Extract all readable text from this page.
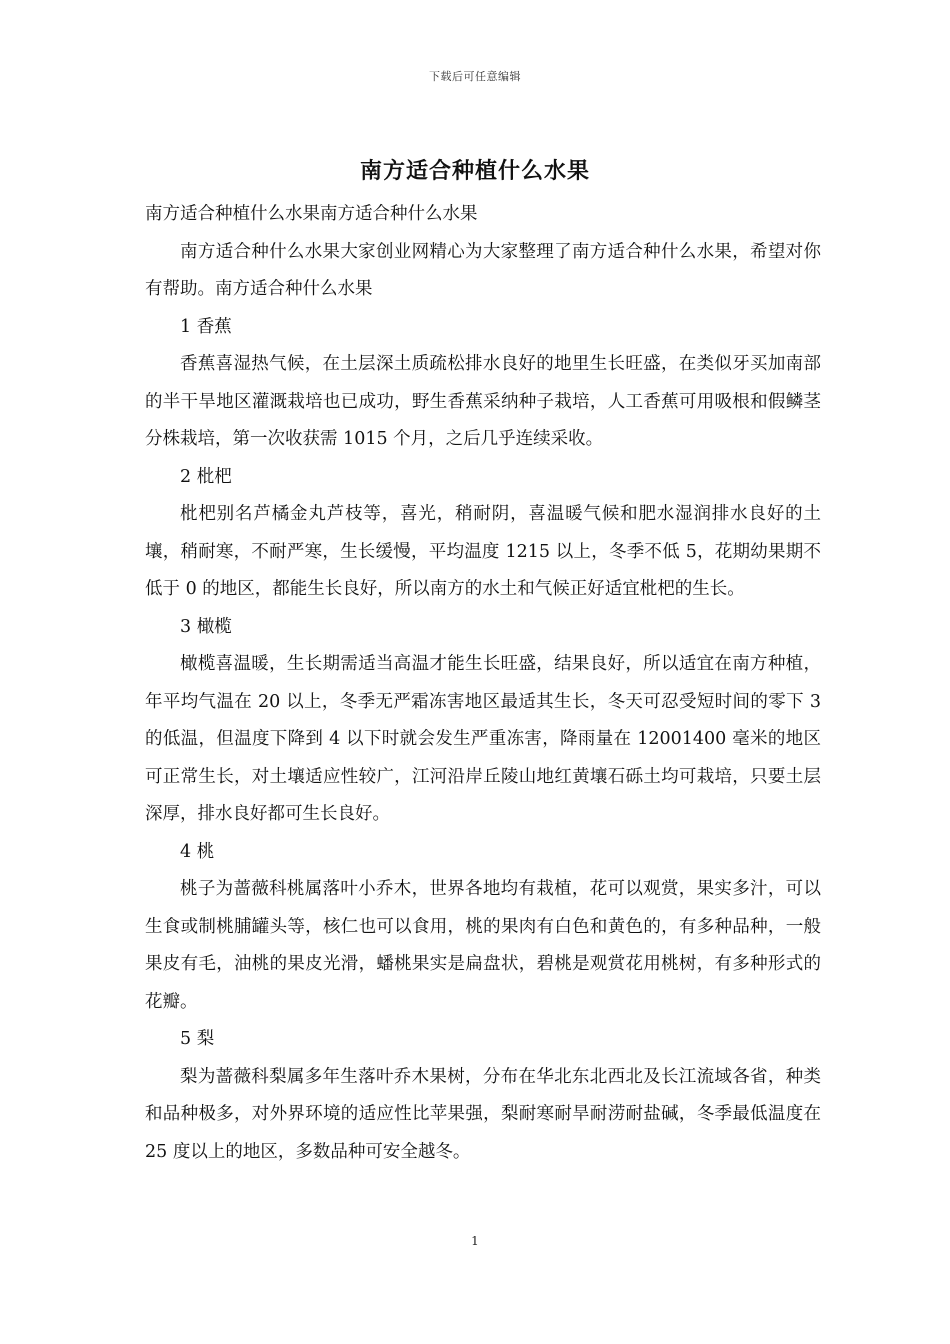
下载后可任意编辑
南方适合种植什么水果

南方适合种植什么水果南方适合种什么水果

南方适合种什么水果大家创业网精心为大家整理了南方适合种什么水果，希望对你有帮助。南方适合种什么水果

1 香蕉

香蕉喜湿热气候，在土层深土质疏松排水良好的地里生长旺盛，在类似牙买加南部的半干旱地区灌溉栽培也已成功，野生香蕉采纳种子栽培，人工香蕉可用吸根和假鳞茎分株栽培，第一次收获需 1015 个月，之后几乎连续采收。

2 枇杷

枇杷别名芦橘金丸芦枝等，喜光，稍耐阴，喜温暖气候和肥水湿润排水良好的土壤，稍耐寒，不耐严寒，生长缓慢，平均温度 1215 以上，冬季不低 5，花期幼果期不低于 0 的地区，都能生长良好，所以南方的水土和气候正好适宜枇杷的生长。

3 橄榄

橄榄喜温暖，生长期需适当高温才能生长旺盛，结果良好，所以适宜在南方种植，年平均气温在 20 以上，冬季无严霜冻害地区最适其生长，冬天可忍受短时间的零下 3 的低温，但温度下降到 4 以下时就会发生严重冻害，降雨量在 12001400 毫米的地区可正常生长，对土壤适应性较广，江河沿岸丘陵山地红黄壤石砾土均可栽培，只要土层深厚，排水良好都可生长良好。

4 桃

桃子为蔷薇科桃属落叶小乔木，世界各地均有栽植，花可以观赏，果实多汁，可以生食或制桃脯罐头等，核仁也可以食用，桃的果肉有白色和黄色的，有多种品种，一般果皮有毛，油桃的果皮光滑，蟠桃果实是扁盘状，碧桃是观赏花用桃树，有多种形式的花瓣。

5 梨

梨为蔷薇科梨属多年生落叶乔木果树，分布在华北东北西北及长江流域各省，种类和品种极多，对外界环境的适应性比苹果强，梨耐寒耐旱耐涝耐盐碱，冬季最低温度在 25 度以上的地区，多数品种可安全越冬。

1
